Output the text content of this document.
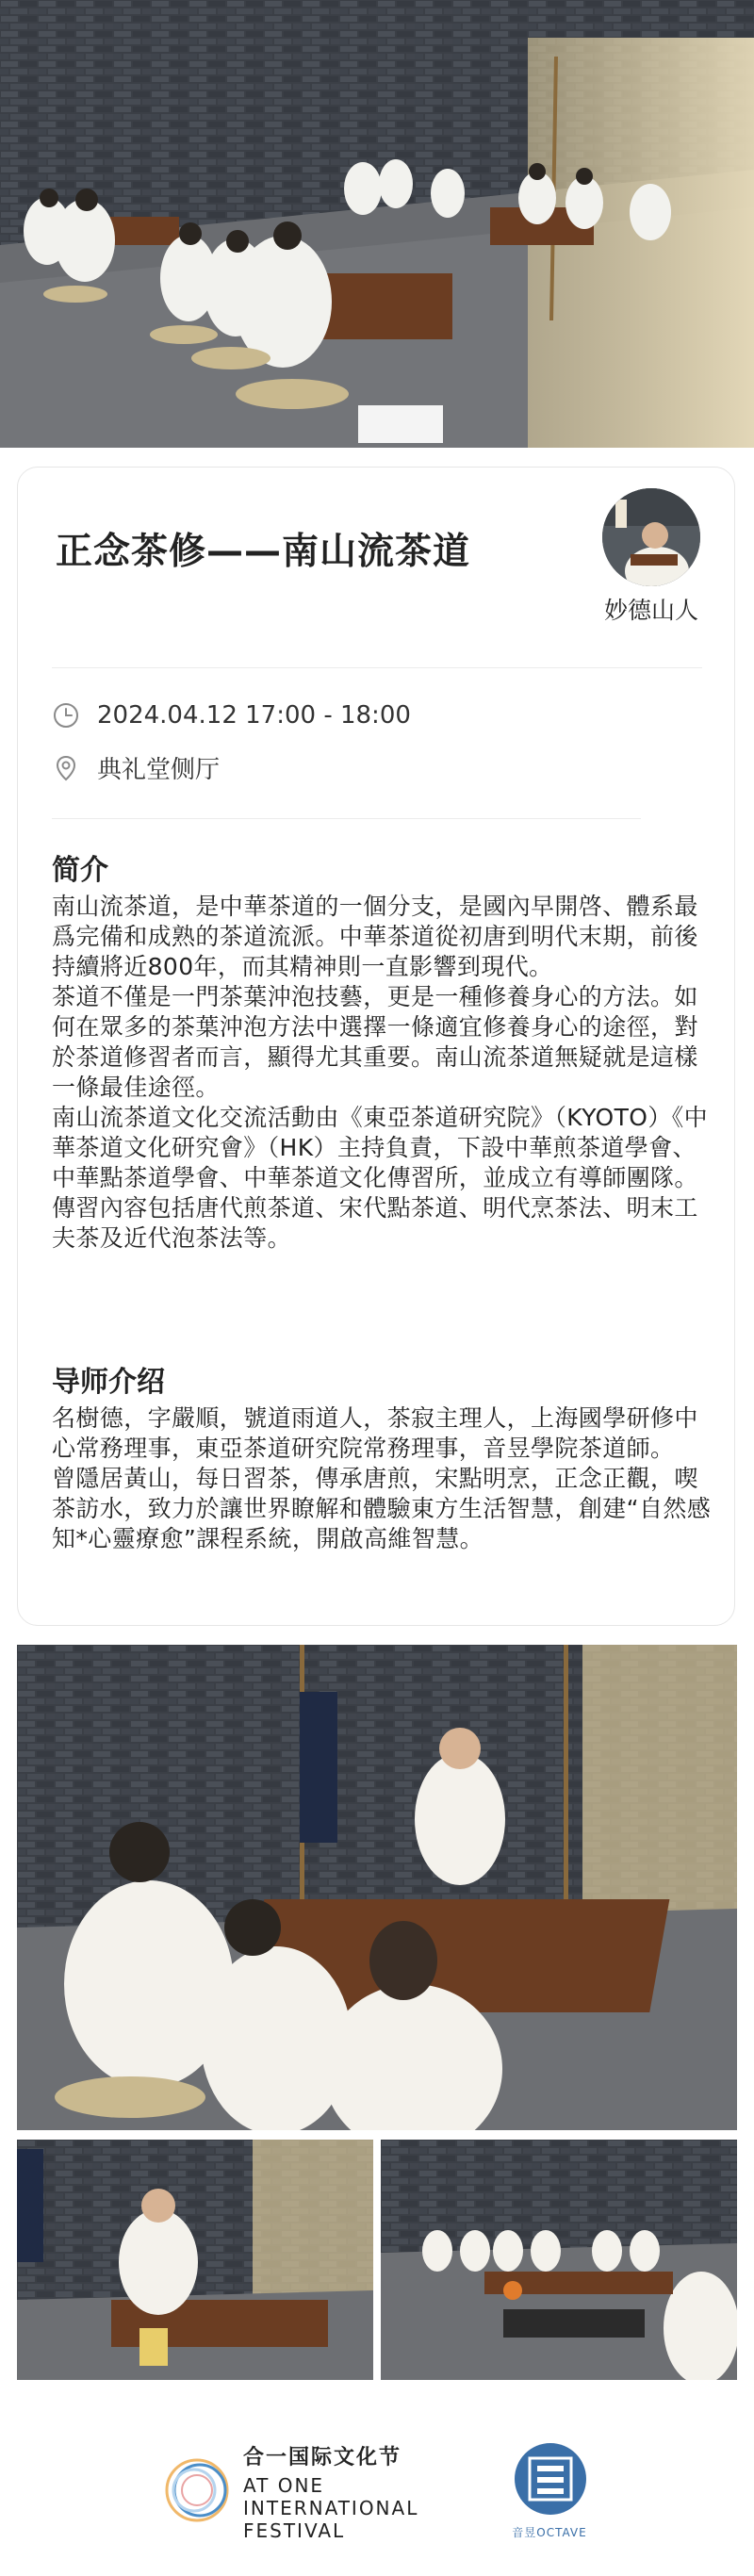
正念茶修——南山流茶道
妙德山人
2024.04.12 17:00 - 18:00
典礼堂侧厅
简介

南山流茶道，是中華茶道的一個分支，是國內早開啓、體系最爲完備和成熟的茶道流派。中華茶道從初唐到明代末期，前後持續將近800年，而其精神則一直影響到現代。

茶道不僅是一門茶葉沖泡技藝，更是一種修養身心的方法。如何在眾多的茶葉沖泡方法中選擇一條適宜修養身心的途徑，對於茶道修習者而言，顯得尤其重要。南山流茶道無疑就是這樣一條最佳途徑。

南山流茶道文化交流活動由《東亞茶道研究院》（KYOTO）《中華茶道文化研究會》（HK）主持負責，下設中華煎茶道學會、中華點茶道學會、中華茶道文化傳習所，並成立有導師團隊。

傳習內容包括唐代煎茶道、宋代點茶道、明代烹茶法、明末工夫茶及近代泡茶法等。

导师介绍

名樹德，字嚴順，號道雨道人，茶寂主理人，上海國學研修中心常務理事，東亞茶道研究院常務理事，音昱學院茶道師。

曾隱居黃山，每日習茶，傳承唐煎，宋點明烹，正念正觀，喫茶訪水，致力於讓世界瞭解和體驗東方生活智慧，創建“自然感知*心靈療愈”課程系統，開啟高維智慧。

合一国际文化节
AT ONE
INTERNATIONAL
FESTIVAL	音昱OCTAVE
